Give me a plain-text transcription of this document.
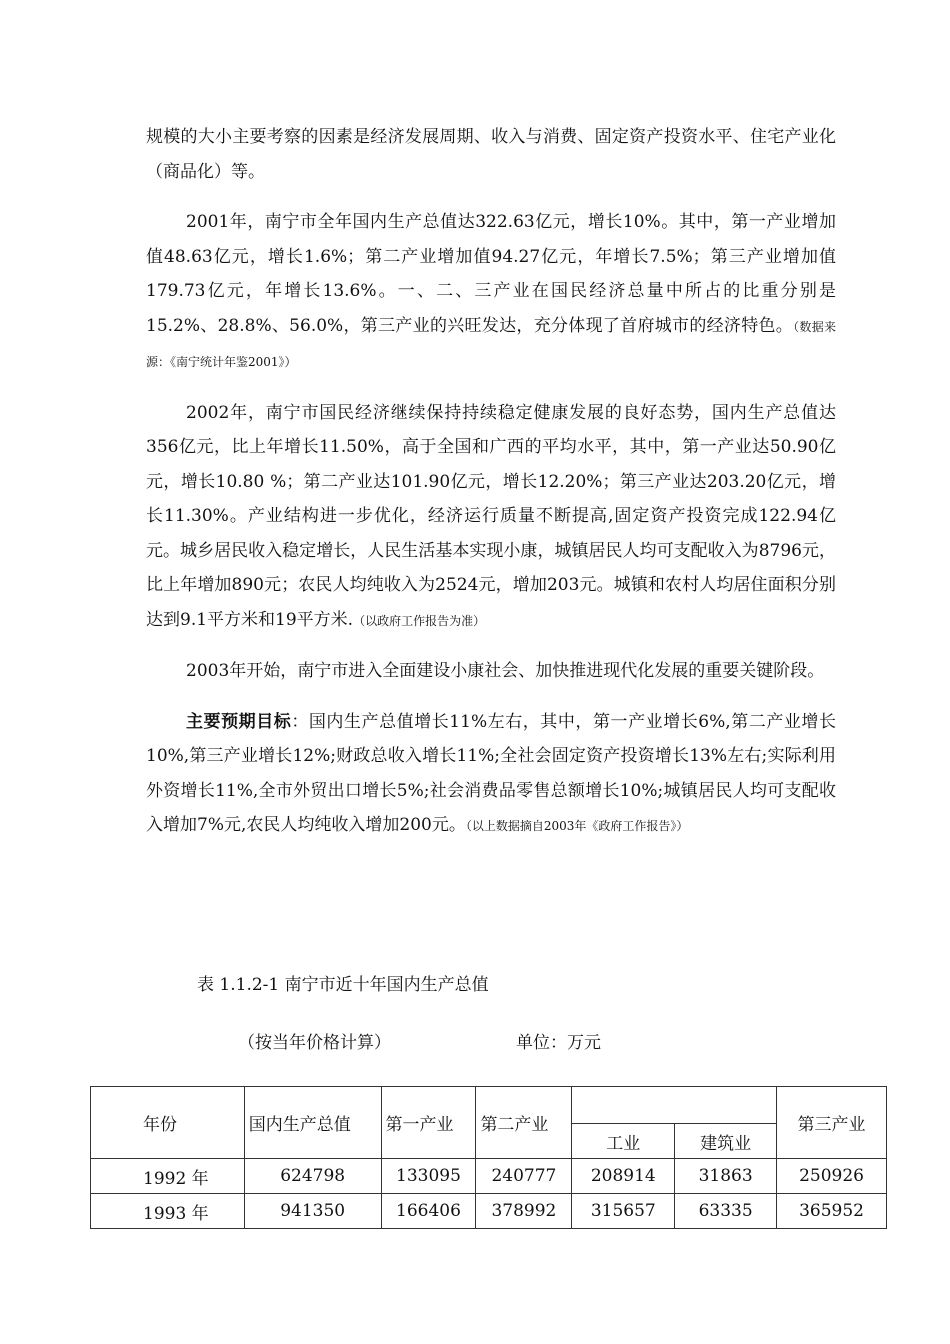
规模的大小主要考察的因素是经济发展周期、收入与消费、固定资产投资水平、住宅产业化（商品化）等。

2001年，南宁市全年国内生产总值达322.63亿元，增长10%。其中，第一产业增加值48.63亿元，增长1.6%；第二产业增加值94.27亿元，年增长7.5%；第三产业增加值179.73亿元，年增长13.6%。一、二、三产业在国民经济总量中所占的比重分别是15.2%、28.8%、56.0%，第三产业的兴旺发达，充分体现了首府城市的经济特色。（数据来源：《南宁统计年鉴2001》）

2002年，南宁市国民经济继续保持持续稳定健康发展的良好态势，国内生产总值达356亿元，比上年增长11.50%，高于全国和广西的平均水平，其中，第一产业达50.90亿元，增长10.80 %；第二产业达101.90亿元，增长12.20%；第三产业达203.20亿元，增长11.30%。产业结构进一步优化，经济运行质量不断提高,固定资产投资完成122.94亿元。城乡居民收入稳定增长，人民生活基本实现小康，城镇居民人均可支配收入为8796元，比上年增加890元；农民人均纯收入为2524元，增加203元。城镇和农村人均居住面积分别达到9.1平方米和19平方米.（以政府工作报告为准）

2003年开始，南宁市进入全面建设小康社会、加快推进现代化发展的重要关键阶段。

主要预期目标：国内生产总值增长11%左右，其中，第一产业增长6%,第二产业增长10%,第三产业增长12%;财政总收入增长11%;全社会固定资产投资增长13%左右;实际利用外资增长11%,全市外贸出口增长5%;社会消费品零售总额增长10%;城镇居民人均可支配收入增加7%元,农民人均纯收入增加200元。（以上数据摘自2003年《政府工作报告》）

表 1.1.2-1 南宁市近十年国内生产总值
（按当年价格计算）	单位：万元
年份	国内生产总值	第一产业	第二产业			第三产业
				工业	建筑业	
1992 年	624798	133095	240777	208914	31863	250926
1993 年	941350	166406	378992	315657	63335	365952
